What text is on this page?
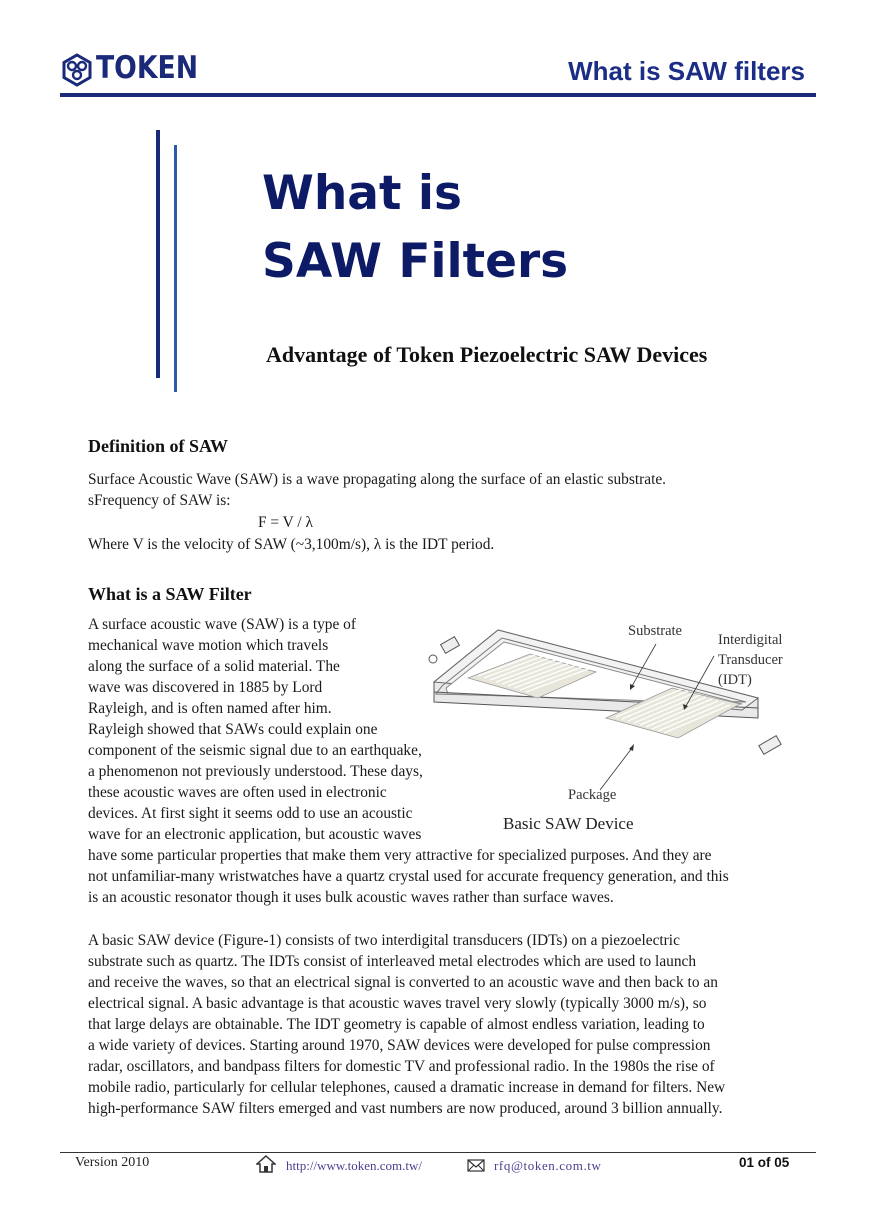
TOKEN	What is SAW filters
What is
SAW Filters
Advantage of Token Piezoelectric SAW Devices
Definition of SAW
Surface Acoustic Wave (SAW) is a wave propagating along the surface of an elastic substrate.
sFrequency of SAW is:
F = V / λ
Where V is the velocity of SAW (~3,100m/s), λ is the IDT period.
What is a SAW Filter
A surface acoustic wave (SAW) is a type of
mechanical wave motion which travels
along the surface of a solid material. The
wave was discovered in 1885 by Lord
Rayleigh, and is often named after him.
Rayleigh showed that SAWs could explain one
component of the seismic signal due to an earthquake,
a phenomenon not previously understood. These days,
these acoustic waves are often used in electronic
devices. At first sight it seems odd to use an acoustic
wave for an electronic application, but acoustic waves
have some particular properties that make them very attractive for specialized purposes. And they are
not unfamiliar-many wristwatches have a quartz crystal used for accurate frequency generation, and this
is an acoustic resonator though it uses bulk acoustic waves rather than surface waves.
Substrate
Interdigital
Transducer
(IDT)
Package
Basic SAW Device
A basic SAW device (Figure-1) consists of two interdigital transducers (IDTs) on a piezoelectric
substrate such as quartz. The IDTs consist of interleaved metal electrodes which are used to launch
and receive the waves, so that an electrical signal is converted to an acoustic wave and then back to an
electrical signal. A basic advantage is that acoustic waves travel very slowly (typically 3000 m/s), so
that large delays are obtainable. The IDT geometry is capable of almost endless variation, leading to
a wide variety of devices. Starting around 1970, SAW devices were developed for pulse compression
radar, oscillators, and bandpass filters for domestic TV and professional radio. In the 1980s the rise of
mobile radio, particularly for cellular telephones, caused a dramatic increase in demand for filters. New
high-performance SAW filters emerged and vast numbers are now produced, around 3 billion annually.
Version 2010	http://www.token.com.tw/	rfq@token.com.tw	01 of 05
